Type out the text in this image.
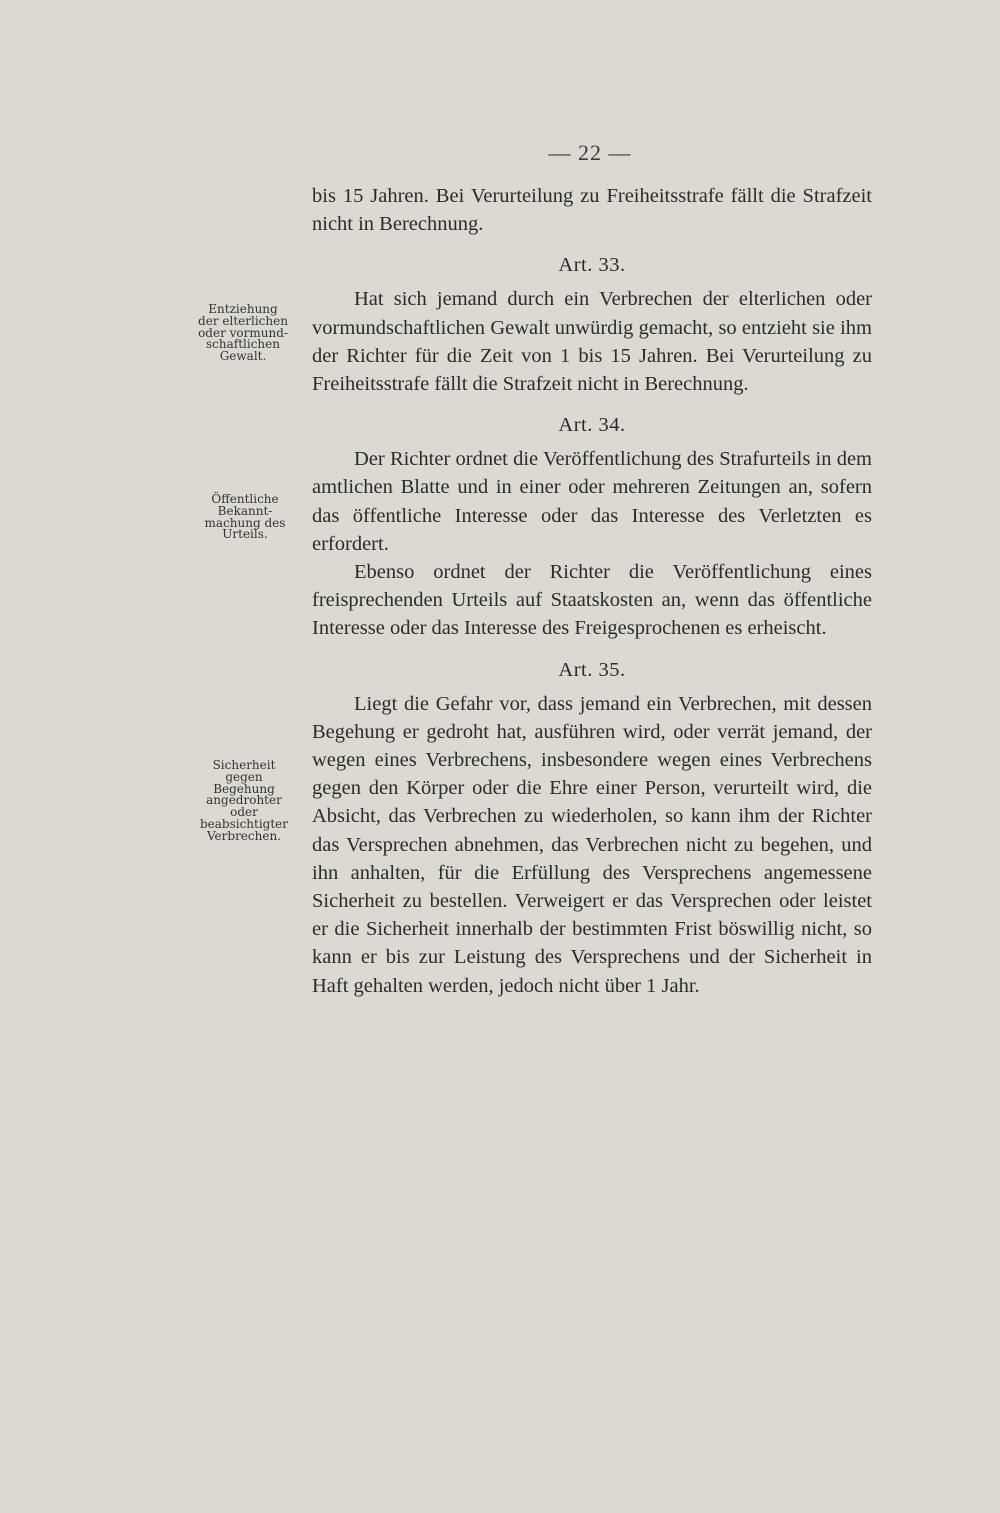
— 22 —
Entziehung
der elterlichen
oder vormund-
schaftlichen
Gewalt.
Öffentliche
Bekannt-
machung des
Urteils.
Sicherheit
gegen
Begehung
angedrohter
oder
beabsichtigter
Verbrechen.

bis 15 Jahren. Bei Verurteilung zu Freiheitsstrafe fällt die Strafzeit nicht in Berechnung.

Art. 33.

Hat sich jemand durch ein Verbrechen der elterlichen oder vormundschaftlichen Gewalt unwürdig gemacht, so entzieht sie ihm der Richter für die Zeit von 1 bis 15 Jahren. Bei Verurteilung zu Freiheitsstrafe fällt die Strafzeit nicht in Berechnung.

Art. 34.

Der Richter ordnet die Veröffentlichung des Strafurteils in dem amtlichen Blatte und in einer oder mehreren Zeitungen an, sofern das öffentliche Interesse oder das Interesse des Verletzten es erfordert.

Ebenso ordnet der Richter die Veröffentlichung eines freisprechenden Urteils auf Staatskosten an, wenn das öffentliche Interesse oder das Interesse des Freigesprochenen es erheischt.

Art. 35.

Liegt die Gefahr vor, dass jemand ein Verbrechen, mit dessen Begehung er gedroht hat, ausführen wird, oder verrät jemand, der wegen eines Verbrechens, insbesondere wegen eines Verbrechens gegen den Körper oder die Ehre einer Person, verurteilt wird, die Absicht, das Verbrechen zu wiederholen, so kann ihm der Richter das Versprechen abnehmen, das Verbrechen nicht zu begehen, und ihn anhalten, für die Erfüllung des Versprechens angemessene Sicherheit zu bestellen. Verweigert er das Versprechen oder leistet er die Sicherheit innerhalb der bestimmten Frist böswillig nicht, so kann er bis zur Leistung des Versprechens und der Sicherheit in Haft gehalten werden, jedoch nicht über 1 Jahr.
